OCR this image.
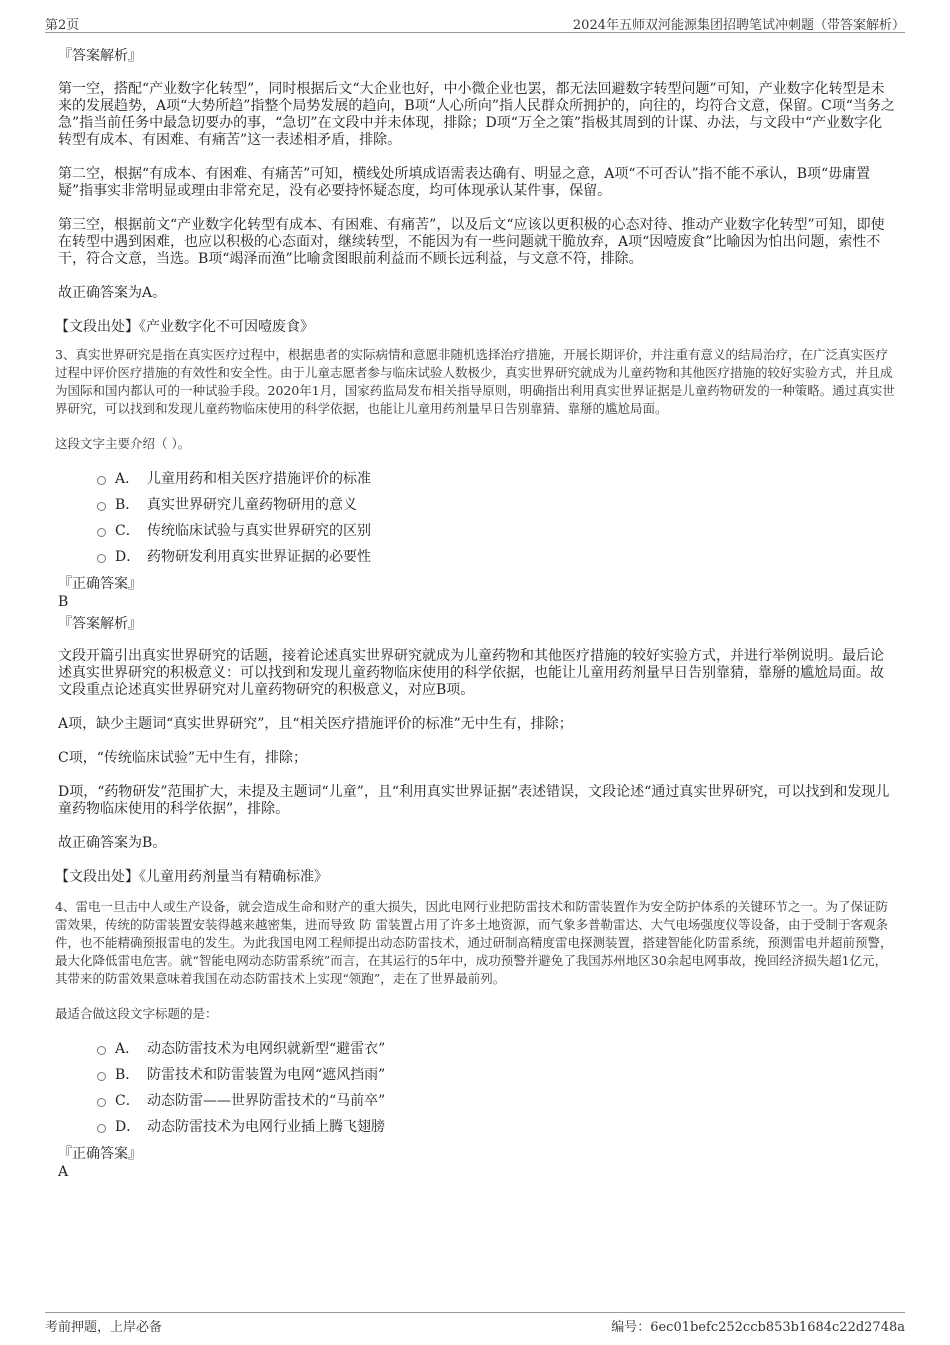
第2页	2024年五师双河能源集团招聘笔试冲刺题（带答案解析）
『答案解析』

第一空，搭配“产业数字化转型”，同时根据后文“大企业也好，中小微企业也罢，都无法回避数字转型问题”可知，产业数字化转型是未来的发展趋势，A项“大势所趋”指整个局势发展的趋向，B项“人心所向”指人民群众所拥护的，向往的，均符合文意，保留。C项“当务之急”指当前任务中最急切要办的事，“急切”在文段中并未体现，排除；D项“万全之策”指极其周到的计谋、办法，与文段中“产业数字化转型有成本、有困难、有痛苦”这一表述相矛盾，排除。

第二空，根据“有成本、有困难、有痛苦”可知，横线处所填成语需表达确有、明显之意，A项“不可否认”指不能不承认，B项“毋庸置疑”指事实非常明显或理由非常充足，没有必要持怀疑态度，均可体现承认某件事，保留。

第三空，根据前文“产业数字化转型有成本、有困难、有痛苦”，以及后文“应该以更积极的心态对待、推动产业数字化转型”可知，即使在转型中遇到困难，也应以积极的心态面对，继续转型，不能因为有一些问题就干脆放弃，A项“因噎废食”比喻因为怕出问题，索性不干，符合文意，当选。B项“竭泽而渔”比喻贪图眼前利益而不顾长远利益，与文意不符，排除。

故正确答案为A。

【文段出处】《产业数字化不可因噎废食》

3、真实世界研究是指在真实医疗过程中，根据患者的实际病情和意愿非随机选择治疗措施，开展长期评价，并注重有意义的结局治疗，在广泛真实医疗过程中评价医疗措施的有效性和安全性。由于儿童志愿者参与临床试验人数极少，真实世界研究就成为儿童药物和其他医疗措施的较好实验方式，并且成为国际和国内都认可的一种试验手段。2020年1月，国家药监局发布相关指导原则，明确指出利用真实世界证据是儿童药物研发的一种策略。通过真实世界研究，可以找到和发现儿童药物临床使用的科学依据，也能让儿童用药剂量早日告别靠猜、靠掰的尴尬局面。

这段文字主要介绍（ ）。

A． 儿童用药和相关医疗措施评价的标准
B． 真实世界研究儿童药物研用的意义
C． 传统临床试验与真实世界研究的区别
D． 药物研发利用真实世界证据的必要性
『正确答案』
B
『答案解析』

文段开篇引出真实世界研究的话题，接着论述真实世界研究就成为儿童药物和其他医疗措施的较好实验方式，并进行举例说明。最后论述真实世界研究的积极意义：可以找到和发现儿童药物临床使用的科学依据，也能让儿童用药剂量早日告别靠猜，靠掰的尴尬局面。故文段重点论述真实世界研究对儿童药物研究的积极意义，对应B项。

A项，缺少主题词“真实世界研究”，且“相关医疗措施评价的标准”无中生有，排除；

C项，“传统临床试验”无中生有，排除；

D项，“药物研发”范围扩大，未提及主题词“儿童”，且“利用真实世界证据”表述错误，文段论述“通过真实世界研究，可以找到和发现儿童药物临床使用的科学依据”，排除。

故正确答案为B。

【文段出处】《儿童用药剂量当有精确标准》

4、雷电一旦击中人或生产设备，就会造成生命和财产的重大损失，因此电网行业把防雷技术和防雷装置作为安全防护体系的关键环节之一。为了保证防雷效果，传统的防雷装置安装得越来越密集，进而导致 防 雷装置占用了许多土地资源，而气象多普勒雷达、大气电场强度仪等设备，由于受制于客观条件，也不能精确预报雷电的发生。为此我国电网工程师提出动态防雷技术，通过研制高精度雷电探测装置，搭建智能化防雷系统，预测雷电并超前预警，最大化降低雷电危害。就“智能电网动态防雷系统”而言，在其运行的5年中，成功预警并避免了我国苏州地区30余起电网事故，挽回经济损失超1亿元，其带来的防雷效果意味着我国在动态防雷技术上实现“领跑”，走在了世界最前列。

最适合做这段文字标题的是：

A． 动态防雷技术为电网织就新型“避雷衣”
B． 防雷技术和防雷装置为电网“遮风挡雨”
C． 动态防雷——世界防雷技术的“马前卒”
D． 动态防雷技术为电网行业插上腾飞翅膀
『正确答案』
A
考前押题，上岸必备	编号：6ec01befc252ccb853b1684c22d2748a
